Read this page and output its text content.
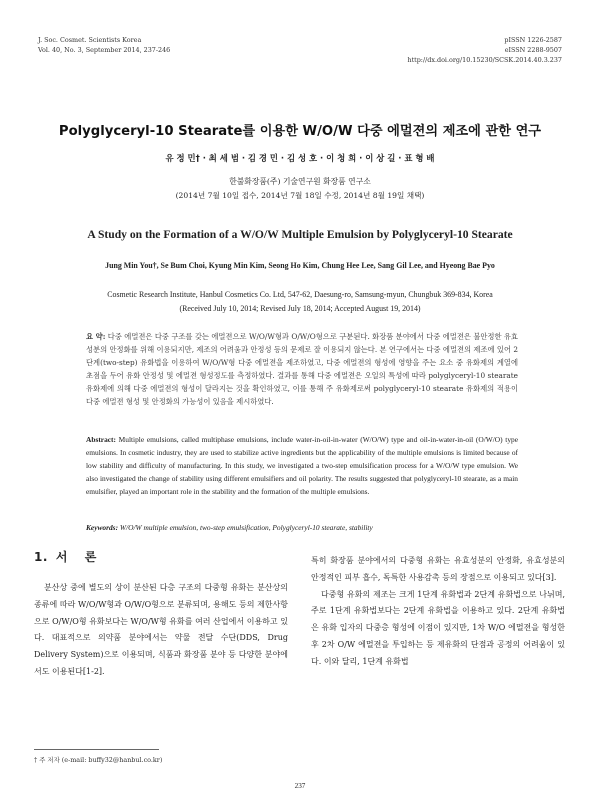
J. Soc. Cosmet. Scientists Korea
Vol. 40, No. 3, September 2014, 237-246
pISSN 1226-2587
eISSN 2288-9507
http://dx.doi.org/10.15230/SCSK.2014.40.3.237
Polyglyceryl-10 Stearate를 이용한 W/O/W 다중 에멀젼의 제조에 관한 연구
유 정 민† · 최 세 범 · 김 경 민 · 김 성 호 · 이 청 희 · 이 상 길 · 표 형 배
한불화장품(주) 기술연구원 화장품 연구소
(2014년 7월 10일 접수, 2014년 7월 18일 수정, 2014년 8월 19일 채택)
A Study on the Formation of a W/O/W Multiple Emulsion by Polyglyceryl-10 Stearate
Jung Min You†, Se Bum Choi, Kyung Min Kim, Seong Ho Kim, Chung Hee Lee, Sang Gil Lee, and Hyeong Bae Pyo
Cosmetic Research Institute, Hanbul Cosmetics Co. Ltd, 547-62, Daesung-ro, Samsung-myun, Chungbuk 369-834, Korea
(Received July 10, 2014; Revised July 18, 2014; Accepted August 19, 2014)
요 약: 다중 에멀젼은 다중 구조를 갖는 에멀젼으로 W/O/W형과 O/W/O형으로 구분된다. 화장품 분야에서 다중 에멀젼은 불안정한 유효성분의 안정화를 위해 이용되지만, 제조의 어려움과 안정성 등의 문제로 잘 이용되지 않는다. 본 연구에서는 다중 에멀젼의 제조에 있어 2 단계(two-step) 유화법을 이용하여 W/O/W형 다중 에멀젼을 제조하였고, 다중 에멀젼의 형성에 영향을 주는 요소 중 유화제의 계열에 초점을 두어 유화 안정성 및 에멀젼 형성정도를 측정하였다. 결과를 통해 다중 에멀젼은 오일의 특성에 따라 polyglyceryl-10 stearate 유화제에 의해 다중 에멀젼의 형성이 달라지는 것을 확인하였고, 이를 통해 주 유화제로써 polyglyceryl-10 stearate 유화제의 적용이 다중 에멀젼 형성 및 안정화의 가능성이 있음을 제시하였다.
Abstract: Multiple emulsions, called multiphase emulsions, include water-in-oil-in-water (W/O/W) type and oil-in-water-in-oil (O/W/O) type emulsions. In cosmetic industry, they are used to stabilize active ingredients but the applicability of the multiple emulsions is limited because of low stability and difficulty of manufacturing. In this study, we investigated a two-step emulsification process for a W/O/W type emulsion. We also investigated the change of stability using different emulsifiers and oil polarity. The results suggested that polyglyceryl-10 stearate, as a main emulsifier, played an important role in the stability and the formation of the multiple emulsions.
Keywords: W/O/W multiple emulsion, two-step emulsification, Polyglyceryl-10 stearate, stability
1. 서 론
분산상 중에 별도의 상이 분산된 다층 구조의 다중형 유화는 분산상의 종류에 따라 W/O/W형과 O/W/O형으로 분류되며, 용해도 등의 제한사항으로 O/W/O형 유화보다는 W/O/W형 유화를 여러 산업에서 이용하고 있다. 대표적으로 의약품 분야에서는 약물 전달 수단(DDS, Drug Delivery System)으로 이용되며, 식품과 화장품 분야 등 다양한 분야에서도 이용된다[1-2].

특히 화장품 분야에서의 다중형 유화는 유효성분의 안정화, 유효성분의 안정적인 피부 흡수, 독특한 사용감촉 등의 장점으로 이용되고 있다[3].

다중형 유화의 제조는 크게 1단계 유화법과 2단계 유화법으로 나뉘며, 주로 1단계 유화법보다는 2단계 유화법을 이용하고 있다. 2단계 유화법은 유화 입자의 다중층 형성에 이점이 있지만, 1차 W/O 에멀젼을 형성한 후 2차 O/W 에멀젼을 투입하는 등 제유화의 단점과 공정의 어려움이 있다. 이와 달리, 1단계 유화법

† 주 저자 (e-mail: buffy32@hanbul.co.kr)
237
